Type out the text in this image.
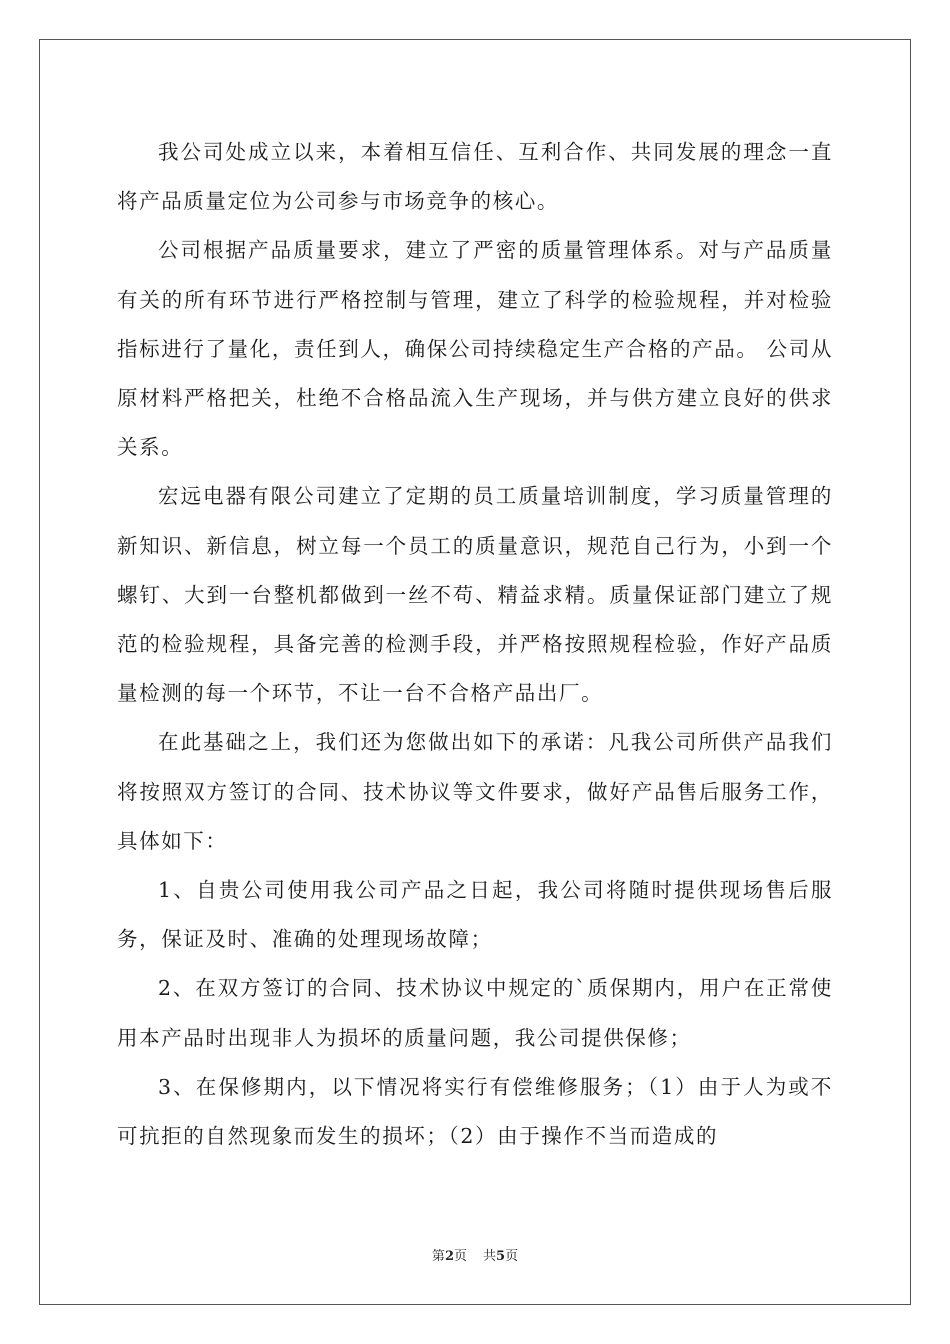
我公司处成立以来，本着相互信任、互利合作、共同发展的理念一直将产品质量定位为公司参与市场竞争的核心。

公司根据产品质量要求，建立了严密的质量管理体系。对与产品质量有关的所有环节进行严格控制与管理，建立了科学的检验规程，并对检验指标进行了量化，责任到人，确保公司持续稳定生产合格的产品。 公司从原材料严格把关，杜绝不合格品流入生产现场，并与供方建立良好的供求关系。

宏远电器有限公司建立了定期的员工质量培训制度，学习质量管理的新知识、新信息，树立每一个员工的质量意识，规范自己行为，小到一个螺钉、大到一台整机都做到一丝不苟、精益求精。质量保证部门建立了规范的检验规程，具备完善的检测手段，并严格按照规程检验，作好产品质量检测的每一个环节，不让一台不合格产品出厂。

在此基础之上，我们还为您做出如下的承诺：凡我公司所供产品我们将按照双方签订的合同、技术协议等文件要求，做好产品售后服务工作，具体如下：

1、自贵公司使用我公司产品之日起，我公司将随时提供现场售后服务，保证及时、准确的处理现场故障；

2、在双方签订的合同、技术协议中规定的`质保期内，用户在正常使用本产品时出现非人为损坏的质量问题，我公司提供保修；

3、在保修期内，以下情况将实行有偿维修服务；（1）由于人为或不可抗拒的自然现象而发生的损坏；（2）由于操作不当而造成的

第2页 共5页
